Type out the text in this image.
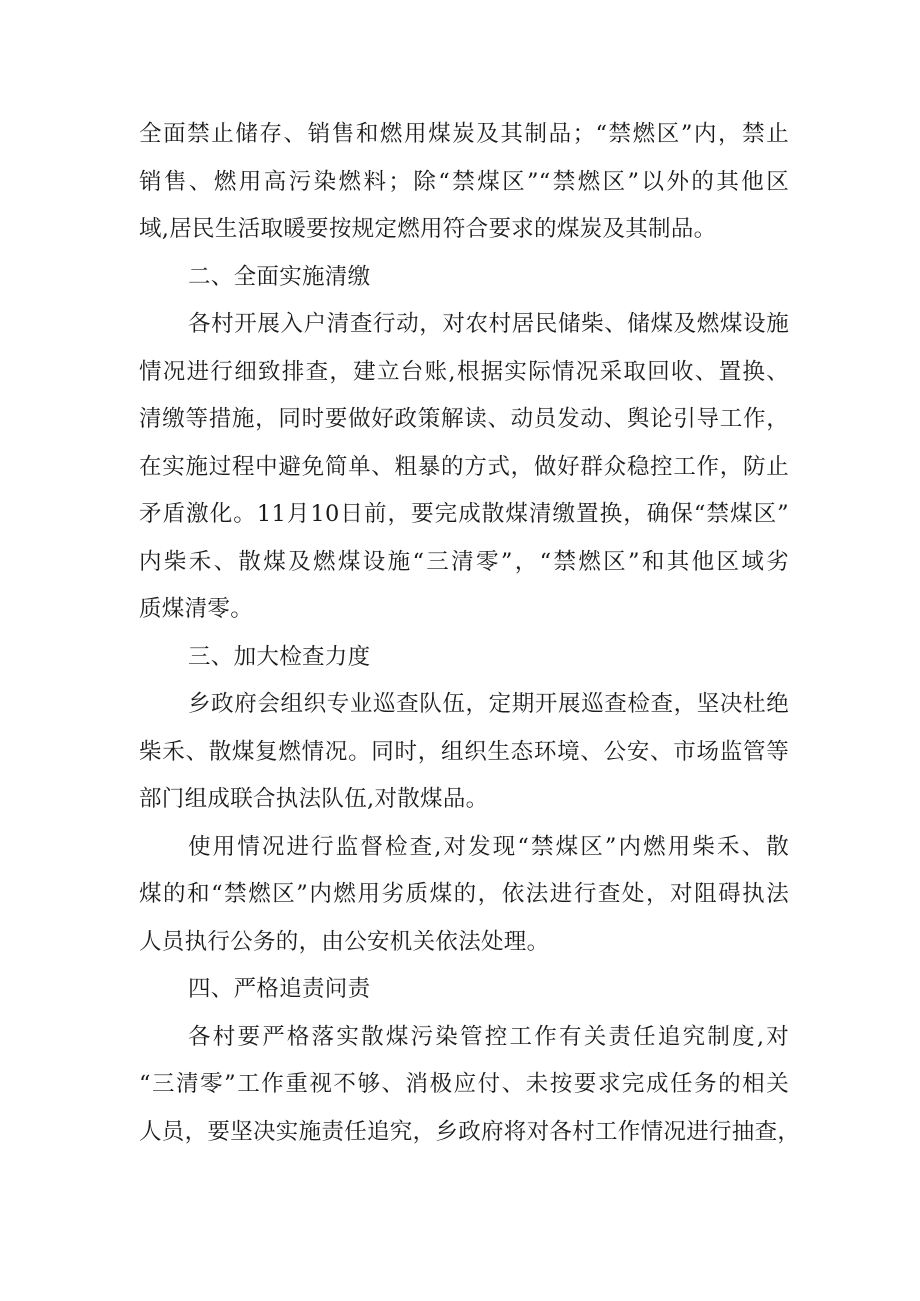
全面禁止储存、销售和燃用煤炭及其制品；“禁燃区”内，禁止
销售、燃用高污染燃料；除“禁煤区”“禁燃区”以外的其他区
域,居民生活取暖要按规定燃用符合要求的煤炭及其制品。
二、全面实施清缴
各村开展入户清查行动，对农村居民储柴、储煤及燃煤设施
情况进行细致排查，建立台账,根据实际情况采取回收、置换、
清缴等措施，同时要做好政策解读、动员发动、舆论引导工作，
在实施过程中避免简单、粗暴的方式，做好群众稳控工作，防止
矛盾激化。11月10日前，要完成散煤清缴置换，确保“禁煤区”
内柴禾、散煤及燃煤设施“三清零”，“禁燃区”和其他区域劣
质煤清零。
三、加大检查力度
乡政府会组织专业巡查队伍，定期开展巡查检查，坚决杜绝
柴禾、散煤复燃情况。同时，组织生态环境、公安、市场监管等
部门组成联合执法队伍,对散煤品。
使用情况进行监督检查,对发现“禁煤区”内燃用柴禾、散
煤的和“禁燃区”内燃用劣质煤的，依法进行查处，对阻碍执法
人员执行公务的，由公安机关依法处理。
四、严格追责问责
各村要严格落实散煤污染管控工作有关责任追究制度,对
“三清零”工作重视不够、消极应付、未按要求完成任务的相关
人员，要坚决实施责任追究，乡政府将对各村工作情况进行抽查，
